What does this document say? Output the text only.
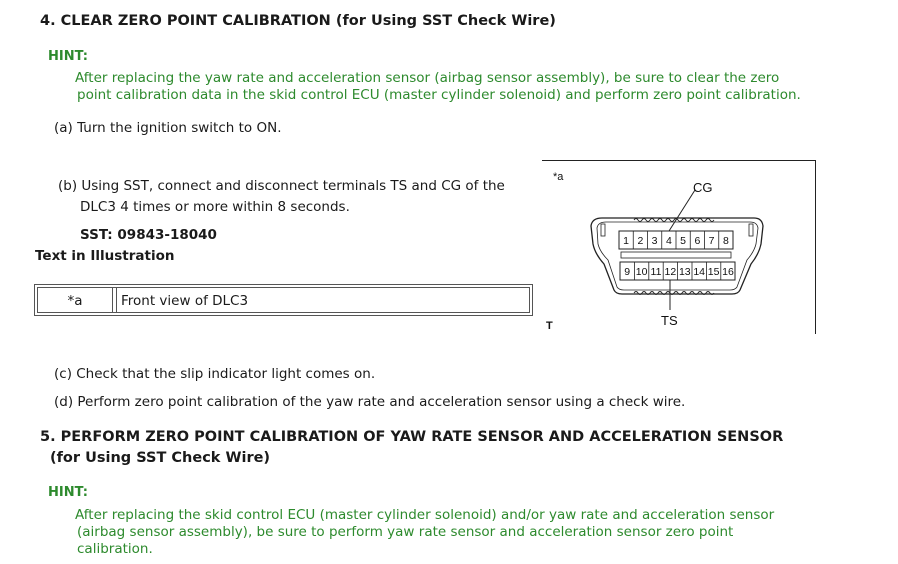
4. CLEAR ZERO POINT CALIBRATION (for Using SST Check Wire)
HINT:
After replacing the yaw rate and acceleration sensor (airbag sensor assembly), be sure to clear the zero
point calibration data in the skid control ECU (master cylinder solenoid) and perform zero point calibration.
(a) Turn the ignition switch to ON.
(b) Using SST, connect and disconnect terminals TS and CG of the
DLC3 4 times or more within 8 seconds.
SST: 09843-18040
Text in Illustration
*a	Front view of DLC3
1 2 3 4 5 6 7 8
9 10 11 12 13 14 15 16
*a
CG
TS
T
(c) Check that the slip indicator light comes on.
(d) Perform zero point calibration of the yaw rate and acceleration sensor using a check wire.
5. PERFORM ZERO POINT CALIBRATION OF YAW RATE SENSOR AND ACCELERATION SENSOR
(for Using SST Check Wire)
HINT:
After replacing the skid control ECU (master cylinder solenoid) and/or yaw rate and acceleration sensor
(airbag sensor assembly), be sure to perform yaw rate sensor and acceleration sensor zero point
calibration.
